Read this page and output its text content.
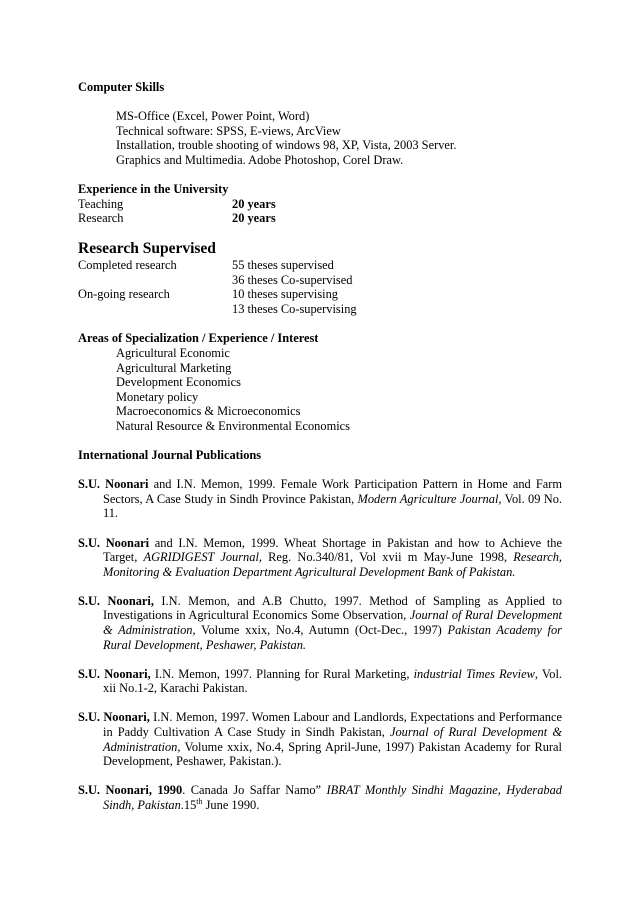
Computer Skills
MS-Office (Excel, Power Point, Word)
Technical software: SPSS, E-views, ArcView
Installation, trouble shooting of windows 98, XP, Vista, 2003 Server.
Graphics and Multimedia. Adobe Photoshop, Corel Draw.
Experience in the University
Teaching	20 years
Research	20 years
Research Supervised
Completed research	55 theses supervised
36 theses Co-supervised
On-going research	10 theses supervising
13 theses Co-supervising
Areas of Specialization / Experience / Interest
Agricultural Economic
Agricultural Marketing
Development Economics
Monetary policy
Macroeconomics & Microeconomics
Natural Resource & Environmental Economics
International Journal Publications
S.U. Noonari and I.N. Memon, 1999. Female Work Participation Pattern in Home and Farm Sectors, A Case Study in Sindh Province Pakistan, Modern Agriculture Journal, Vol. 09 No. 11.
S.U. Noonari and I.N. Memon, 1999. Wheat Shortage in Pakistan and how to Achieve the Target, AGRIDIGEST Journal, Reg. No.340/81, Vol xvii m May-June 1998, Research, Monitoring & Evaluation Department Agricultural Development Bank of Pakistan.
S.U. Noonari, I.N. Memon, and A.B Chutto, 1997. Method of Sampling as Applied to Investigations in Agricultural Economics Some Observation, Journal of Rural Development & Administration, Volume xxix, No.4, Autumn (Oct-Dec., 1997) Pakistan Academy for Rural Development, Peshawer, Pakistan.
S.U. Noonari, I.N. Memon, 1997. Planning for Rural Marketing, industrial Times Review, Vol. xii No.1-2, Karachi Pakistan.
S.U. Noonari, I.N. Memon, 1997. Women Labour and Landlords, Expectations and Performance in Paddy Cultivation A Case Study in Sindh Pakistan, Journal of Rural Development & Administration, Volume xxix, No.4, Spring April-June, 1997) Pakistan Academy for Rural Development, Peshawer, Pakistan.).
S.U. Noonari, 1990. Canada Jo Saffar Namo” IBRAT Monthly Sindhi Magazine, Hyderabad Sindh, Pakistan.15th June 1990.
